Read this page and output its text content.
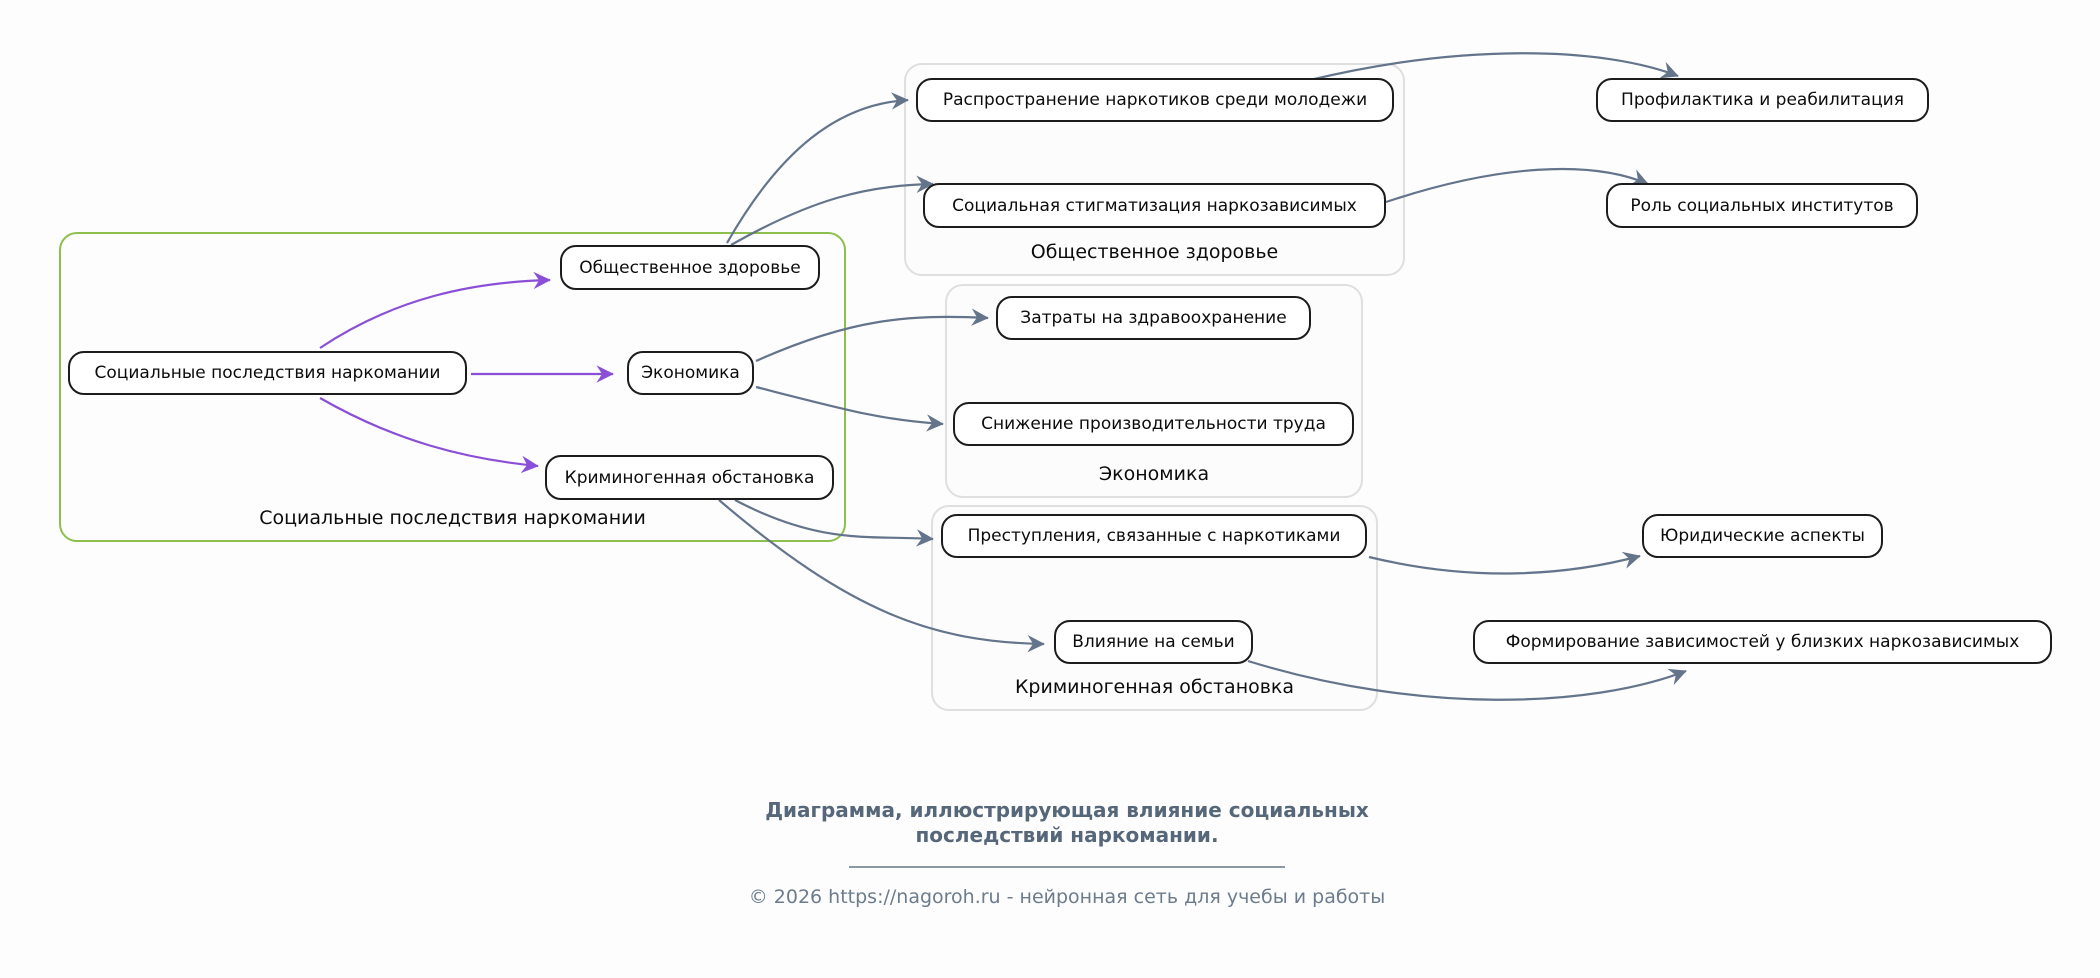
Социальные последствия наркомании
Общественное здоровье
Экономика
Криминогенная обстановка
Социальные последствия наркомании
Общественное здоровье
Экономика
Криминогенная обстановка
Распространение наркотиков среди молодежи
Социальная стигматизация наркозависимых
Профилактика и реабилитация
Роль социальных институтов
Затраты на здравоохранение
Снижение производительности труда
Преступления, связанные с наркотиками
Влияние на семьи
Юридические аспекты
Формирование зависимостей у близких наркозависимых
Диаграмма, иллюстрирующая влияние социальных
последствий наркомании.
© 2026 https://nagoroh.ru - нейронная сеть для учебы и работы
